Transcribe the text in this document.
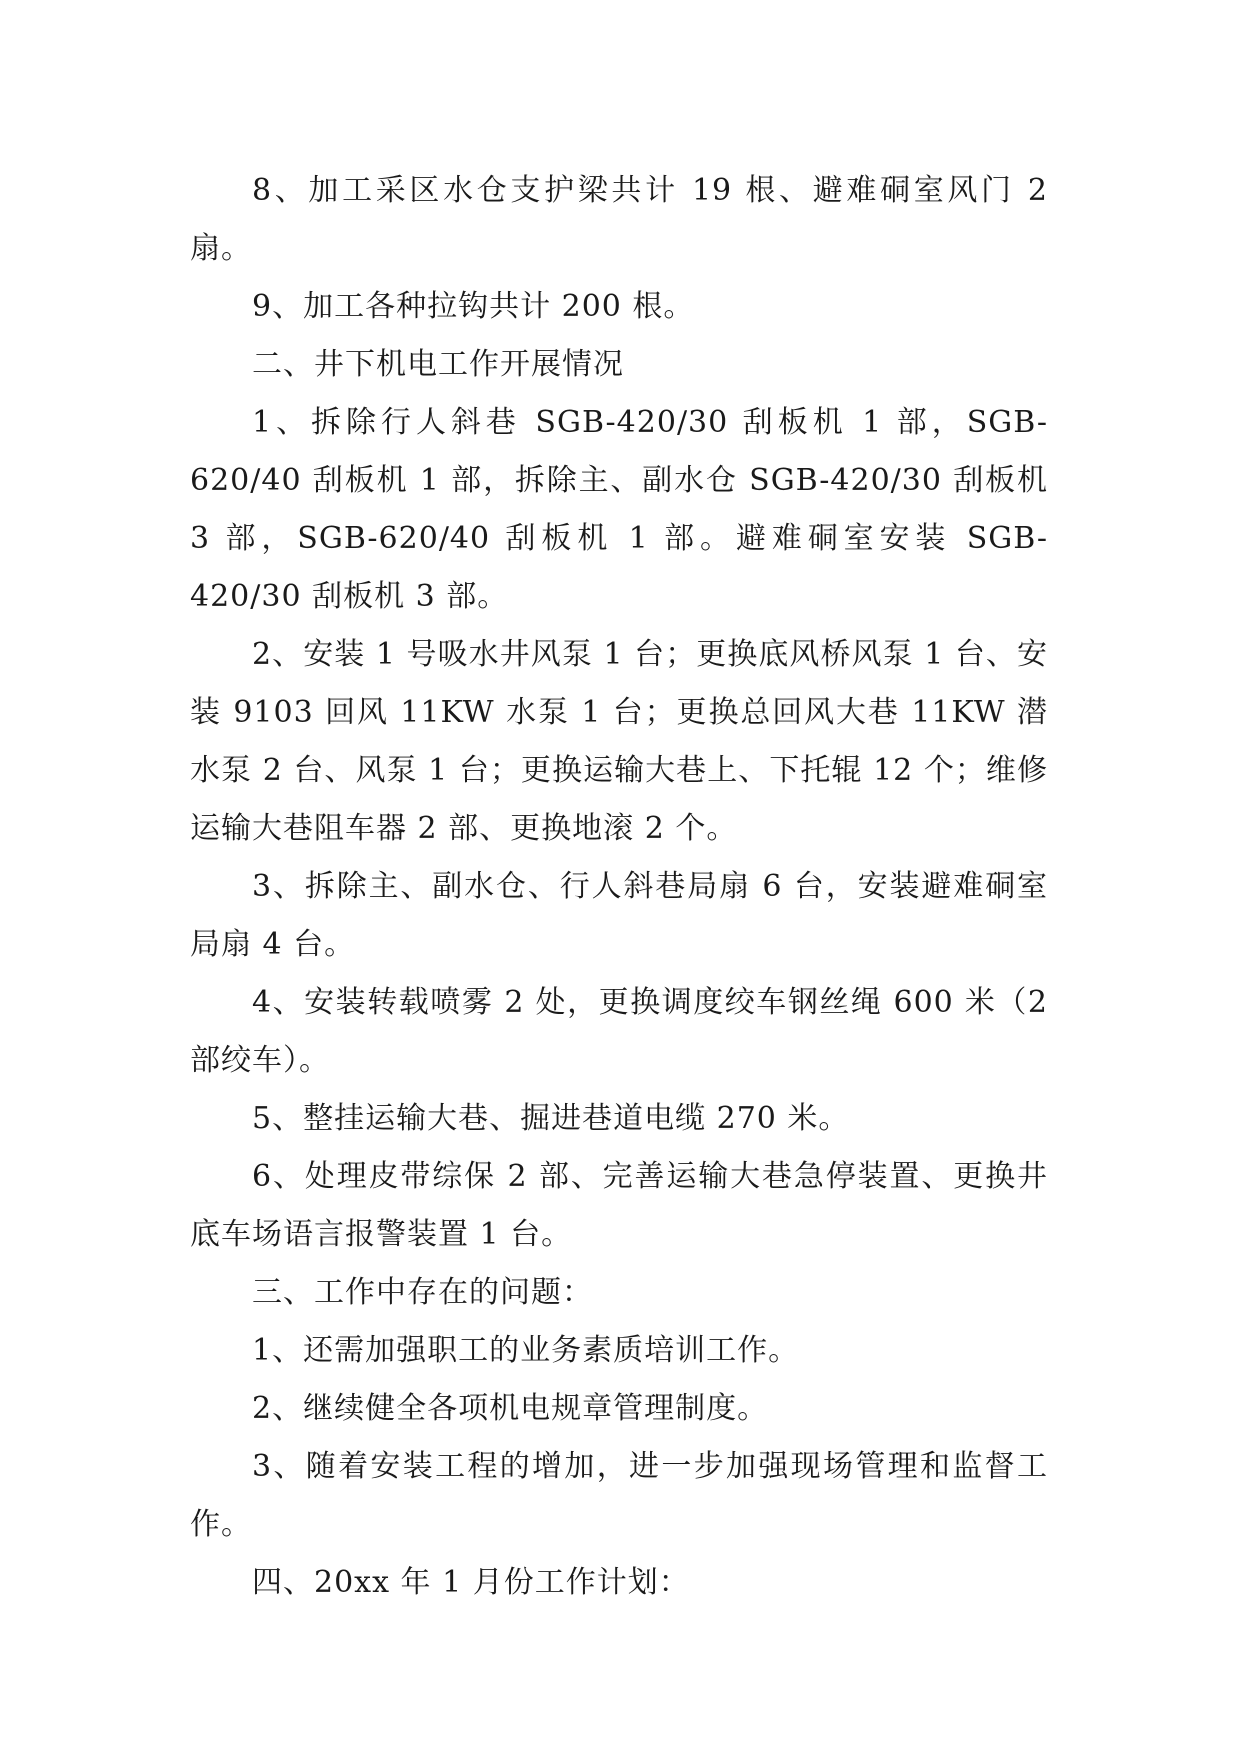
8、加工采区水仓支护梁共计 19 根、避难硐室风门 2 扇。

9、加工各种拉钩共计 200 根。

二、井下机电工作开展情况

1、拆除行人斜巷 SGB-420/30 刮板机 1 部，SGB-620/40 刮板机 1 部，拆除主、副水仓 SGB-420/30 刮板机 3 部，SGB-620/40 刮板机 1 部。避难硐室安装 SGB-420/30 刮板机 3 部。

2、安装 1 号吸水井风泵 1 台；更换底风桥风泵 1 台、安装 9103 回风 11KW 水泵 1 台；更换总回风大巷 11KW 潜水泵 2 台、风泵 1 台；更换运输大巷上、下托辊 12 个；维修运输大巷阻车器 2 部、更换地滚 2 个。

3、拆除主、副水仓、行人斜巷局扇 6 台，安装避难硐室局扇 4 台。

4、安装转载喷雾 2 处，更换调度绞车钢丝绳 600 米（2 部绞车）。

5、整挂运输大巷、掘进巷道电缆 270 米。

6、处理皮带综保 2 部、完善运输大巷急停装置、更换井底车场语言报警装置 1 台。

三、工作中存在的问题：

1、还需加强职工的业务素质培训工作。

2、继续健全各项机电规章管理制度。

3、随着安装工程的增加，进一步加强现场管理和监督工作。

四、20xx 年 1 月份工作计划：
